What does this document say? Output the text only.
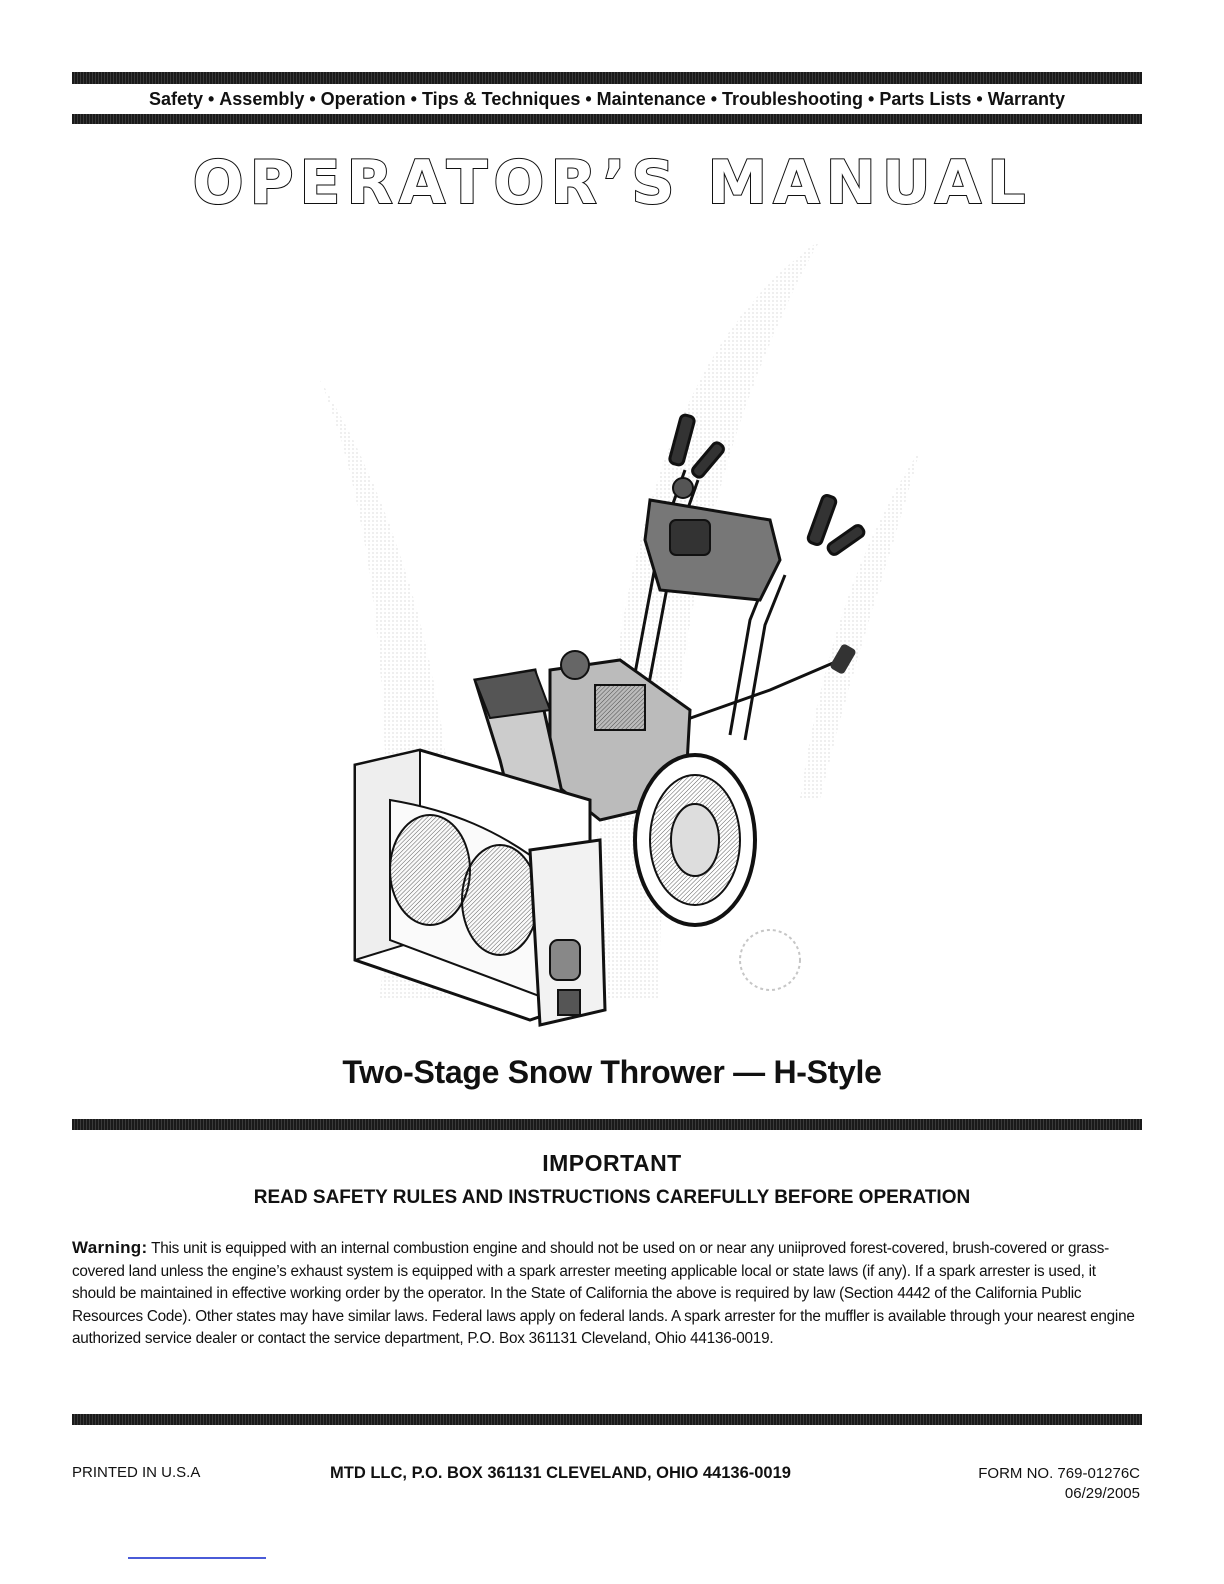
Safety • Assembly • Operation • Tips & Techniques • Maintenance • Troubleshooting • Parts Lists • Warranty
OPERATOR’S MANUAL
Two-Stage Snow Thrower — H-Style
IMPORTANT
READ SAFETY RULES AND INSTRUCTIONS CAREFULLY BEFORE OPERATION
Warning: This unit is equipped with an internal combustion engine and should not be used on or near any uniiproved forest-covered, brush-covered or grass-covered land unless the engine’s exhaust system is equipped with a spark arrester meeting applicable local or state laws (if any). If a spark arrester is used, it should be maintained in effective working order by the operator. In the State of California the above is required by law (Section 4442 of the California Public Resources Code). Other states may have similar laws. Federal laws apply on federal lands. A spark arrester for the muffler is available through your nearest engine authorized service dealer or contact the service department, P.O. Box 361131 Cleveland, Ohio 44136-0019.
PRINTED IN U.S.A	MTD LLC, P.O. BOX 361131 CLEVELAND, OHIO 44136-0019	FORM NO. 769-01276C
06/29/2005
